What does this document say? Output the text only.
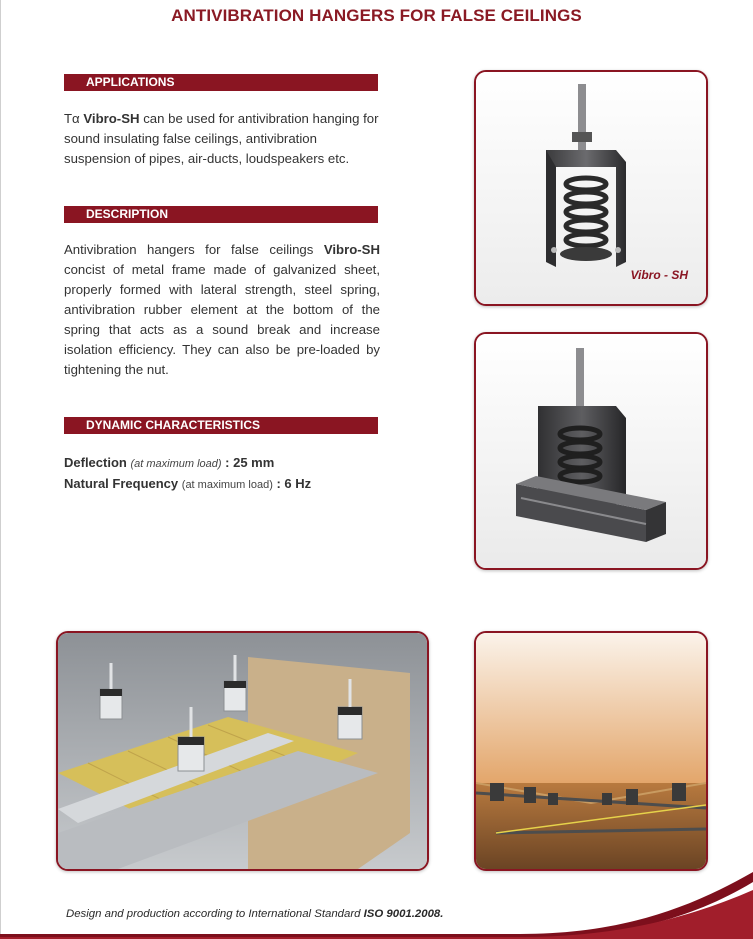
ANTIVIBRATION HANGERS FOR FALSE CEILINGS
APPLICATIONS
Tα Vibro-SH can be used for antivibration hanging for sound insulating false ceilings, antivibration suspension of pipes, air-ducts, loudspeakers etc.
DESCRIPTION
Antivibration hangers for false ceilings Vibro-SH concist of metal frame made of galvanized sheet, properly formed with lateral strength, steel spring, antivibration rubber element at the bottom of the spring that acts as a sound break and increase isolation efficiency. They can also be pre-loaded by tightening the nut.
DYNAMIC CHARACTERISTICS
Deflection (at maximum load) : 25 mm
Natural Frequency (at maximum load) : 6 Hz
Vibro - SH
Design and production according to International Standard ISO 9001.2008.
